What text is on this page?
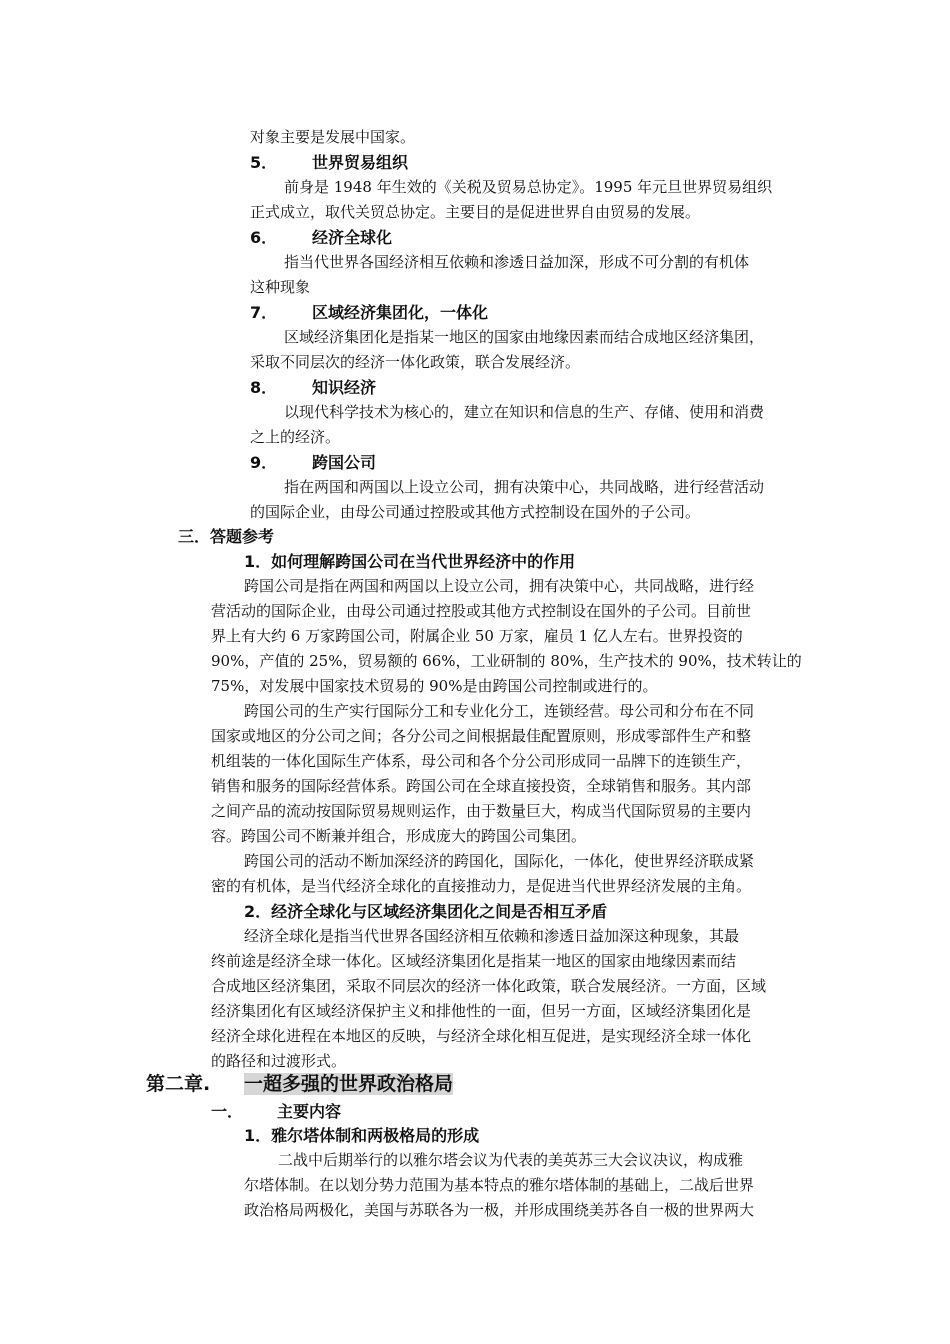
对象主要是发展中国家。
5． 世界贸易组织
前身是 1948 年生效的《关税及贸易总协定》。1995 年元旦世界贸易组织
正式成立，取代关贸总协定。主要目的是促进世界自由贸易的发展。
6． 经济全球化
指当代世界各国经济相互依赖和渗透日益加深，形成不可分割的有机体
这种现象
7． 区域经济集团化，一体化
区域经济集团化是指某一地区的国家由地缘因素而结合成地区经济集团，
采取不同层次的经济一体化政策，联合发展经济。
8． 知识经济
以现代科学技术为核心的，建立在知识和信息的生产、存储、使用和消费
之上的经济。
9． 跨国公司
指在两国和两国以上设立公司，拥有决策中心，共同战略，进行经营活动
的国际企业，由母公司通过控股或其他方式控制设在国外的子公司。
三．答题参考
1．如何理解跨国公司在当代世界经济中的作用
跨国公司是指在两国和两国以上设立公司，拥有决策中心，共同战略，进行经
营活动的国际企业，由母公司通过控股或其他方式控制设在国外的子公司。目前世
界上有大约 6 万家跨国公司，附属企业 50 万家，雇员 1 亿人左右。世界投资的
90%，产值的 25%，贸易额的 66%，工业研制的 80%，生产技术的 90%，技术转让的
75%，对发展中国家技术贸易的 90%是由跨国公司控制或进行的。
跨国公司的生产实行国际分工和专业化分工，连锁经营。母公司和分布在不同
国家或地区的分公司之间；各分公司之间根据最佳配置原则，形成零部件生产和整
机组装的一体化国际生产体系，母公司和各个分公司形成同一品牌下的连锁生产，
销售和服务的国际经营体系。跨国公司在全球直接投资，全球销售和服务。其内部
之间产品的流动按国际贸易规则运作，由于数量巨大，构成当代国际贸易的主要内
容。跨国公司不断兼并组合，形成庞大的跨国公司集团。
跨国公司的活动不断加深经济的跨国化，国际化，一体化，使世界经济联成紧
密的有机体，是当代经济全球化的直接推动力，是促进当代世界经济发展的主角。
2．经济全球化与区域经济集团化之间是否相互矛盾
经济全球化是指当代世界各国经济相互依赖和渗透日益加深这种现象，其最
终前途是经济全球一体化。区域经济集团化是指某一地区的国家由地缘因素而结
合成地区经济集团，采取不同层次的经济一体化政策，联合发展经济。一方面，区域
经济集团化有区域经济保护主义和排他性的一面，但另一方面，区域经济集团化是
经济全球化进程在本地区的反映，与经济全球化相互促进，是实现经济全球一体化
的路径和过渡形式。
第二章. 一超多强的世界政治格局
一． 主要内容
1．雅尔塔体制和两极格局的形成
二战中后期举行的以雅尔塔会议为代表的美英苏三大会议决议，构成雅
尔塔体制。在以划分势力范围为基本特点的雅尔塔体制的基础上，二战后世界
政治格局两极化，美国与苏联各为一极，并形成围绕美苏各自一极的世界两大
